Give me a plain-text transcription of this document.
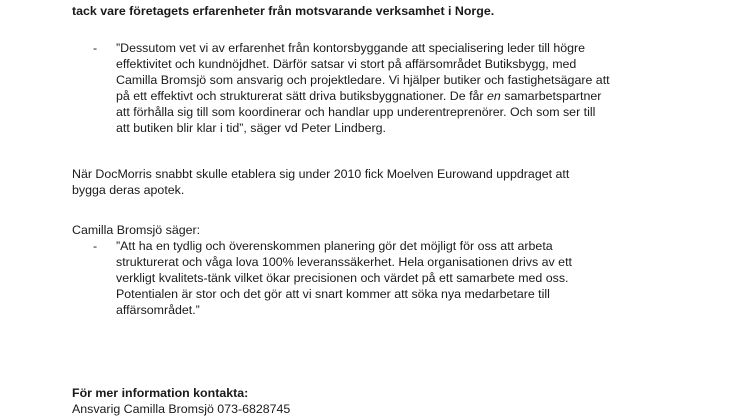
tack vare företagets erfarenheter från motsvarande verksamhet i Norge.
- ”Dessutom vet vi av erfarenhet från kontorsbyggande att specialisering leder till högre
effektivitet och kundnöjdhet. Därför satsar vi stort på affärsområdet Butiksbygg, med
Camilla Bromsjö som ansvarig och projektledare. Vi hjälper butiker och fastighetsägare att
på ett effektivt och strukturerat sätt driva butiksbyggnationer. De får en samarbetspartner
att förhålla sig till som koordinerar och handlar upp underentreprenörer. Och som ser till
att butiken blir klar i tid”, säger vd Peter Lindberg.
När DocMorris snabbt skulle etablera sig under 2010 fick Moelven Eurowand uppdraget att
bygga deras apotek.
Camilla Bromsjö säger:
- ”Att ha en tydlig och överenskommen planering gör det möjligt för oss att arbeta
strukturerat och våga lova 100% leveranssäkerhet. Hela organisationen drivs av ett
verkligt kvalitets-tänk vilket ökar precisionen och värdet på ett samarbete med oss.
Potentialen är stor och det gör att vi snart kommer att söka nya medarbetare till
affärsområdet.”
För mer information kontakta:
Ansvarig Camilla Bromsjö 073-6828745
